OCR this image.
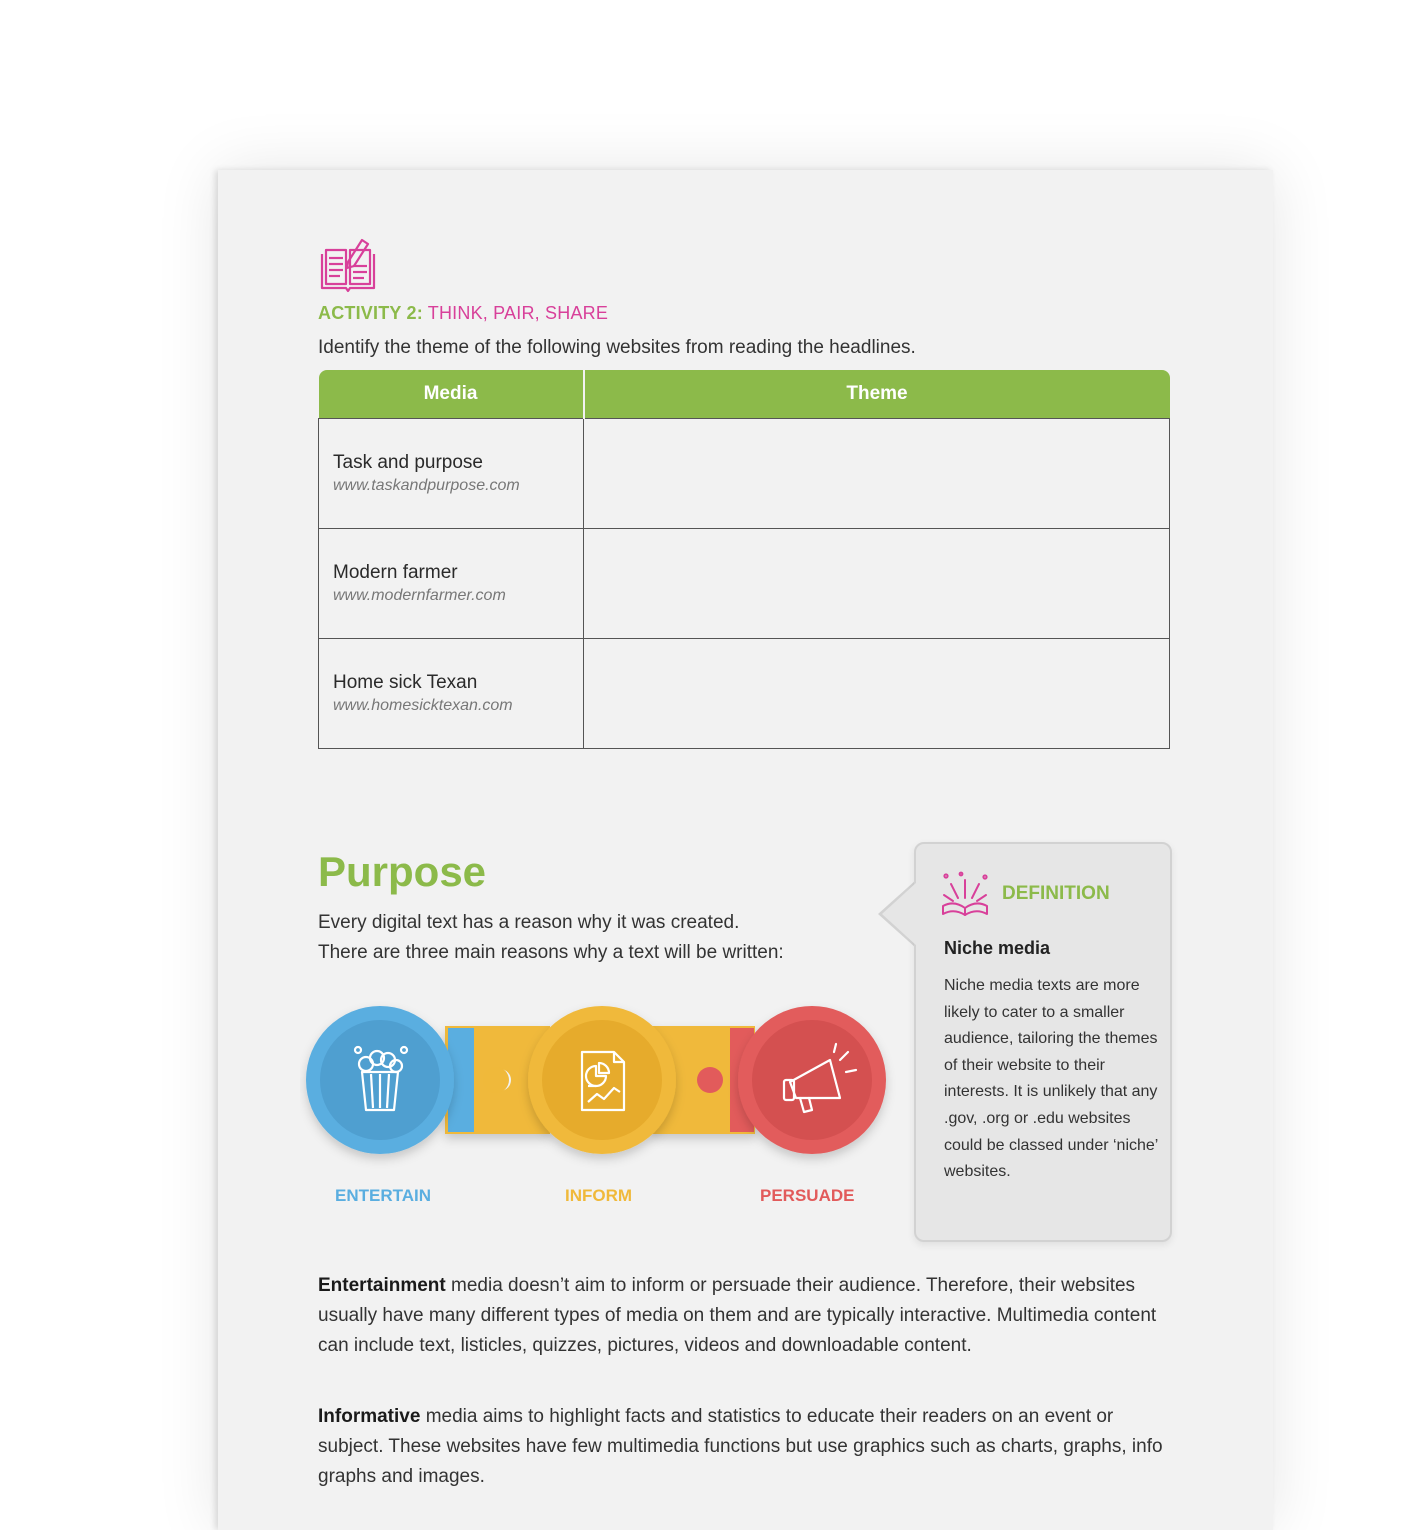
ACTIVITY 2: THINK, PAIR, SHARE
Identify the theme of the following websites from reading the headlines.
Media	Theme

Task and purpose
www.taskandpurpose.com	

Modern farmer
www.modernfarmer.com	

Home sick Texan
www.homesicktexan.com	

Purpose
Every digital text has a reason why it was created.
There are three main reasons why a text will be written:
ENTERTAIN	INFORM	PERSUADE
DEFINITION
Niche media
Niche media texts are more likely to cater to a smaller audience, tailoring the themes of their website to their interests. It is unlikely that any .gov, .org or .edu websites could be classed under ‘niche’ websites.

Entertainment media doesn’t aim to inform or persuade their audience. Therefore, their websites usually have many different types of media on them and are typically interactive. Multimedia content can include text, listicles, quizzes, pictures, videos and downloadable content.

Informative media aims to highlight facts and statistics to educate their readers on an event or subject. These websites have few multimedia functions but use graphics such as charts, graphs, info graphs and images.
